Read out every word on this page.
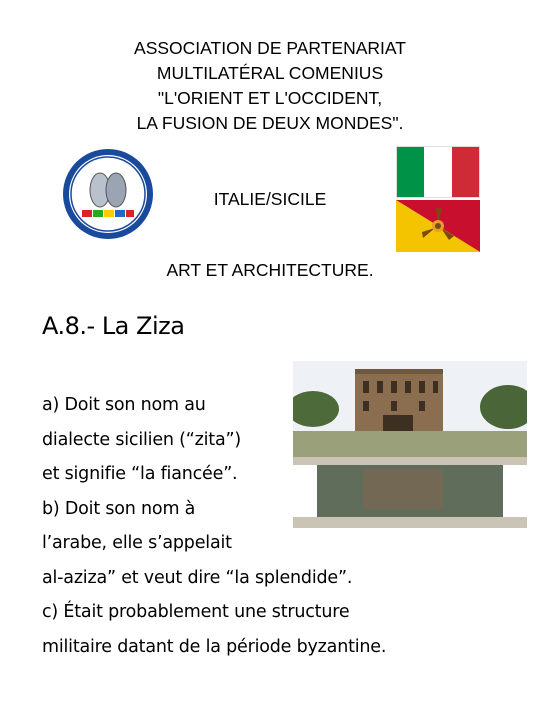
ASSOCIATION DE PARTENARIAT
MULTILATÉRAL COMENIUS
"L'ORIENT ET L'OCCIDENT,
LA FUSION DE DEUX MONDES".
ITALIE/SICILE
ART ET ARCHITECTURE.
A.8.- La Ziza
a) Doit son nom au
dialecte sicilien (“zita”)
et signifie “la fiancée”.
b) Doit son nom à
l’arabe, elle s’appelait
al-aziza” et veut dire “la splendide”.
c) Était probablement une structure
militaire datant de la période byzantine.
